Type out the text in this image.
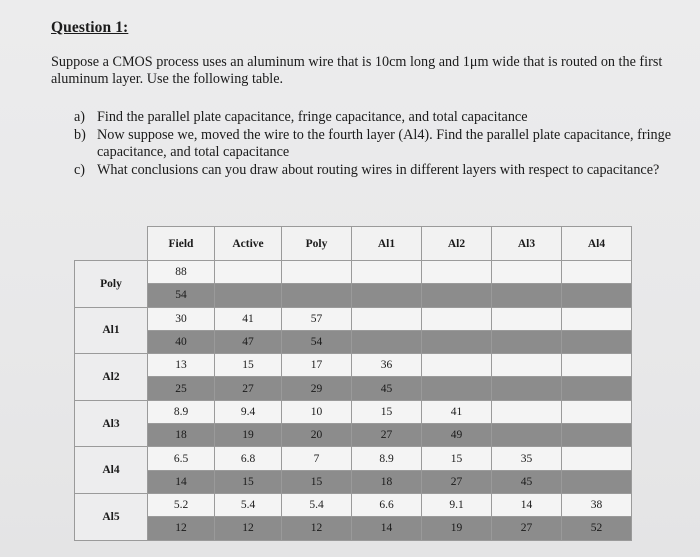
Question 1:
Suppose a CMOS process uses an aluminum wire that is 10cm long and 1μm wide that is routed on the first aluminum layer. Use the following table.
a) Find the parallel plate capacitance, fringe capacitance, and total capacitance
b) Now suppose we, moved the wire to the fourth layer (Al4). Find the parallel plate capacitance, fringe capacitance, and total capacitance
c) What conclusions can you draw about routing wires in different layers with respect to capacitance?
	Field	Active	Poly	Al1	Al2	Al3	Al4
Poly	88						
	54						
Al1	30	41	57				
	40	47	54				
Al2	13	15	17	36			
	25	27	29	45			
Al3	8.9	9.4	10	15	41		
	18	19	20	27	49		
Al4	6.5	6.8	7	8.9	15	35	
	14	15	15	18	27	45	
Al5	5.2	5.4	5.4	6.6	9.1	14	38
	12	12	12	14	19	27	52
